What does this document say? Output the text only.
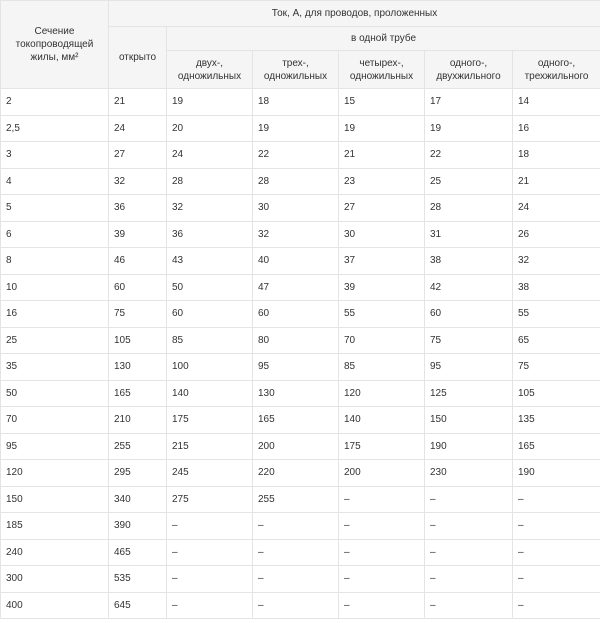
Сечение токопроводящей жилы, мм²	Ток, А, для проводов, проложенных					
	открыто	в одной трубе				
		двух-, одножильных	трех-, одножильных	четырех-, одножильных	одного-, двухжильного	одного-, трехжильного
2	21	19	18	15	17	14
2,5	24	20	19	19	19	16
3	27	24	22	21	22	18
4	32	28	28	23	25	21
5	36	32	30	27	28	24
6	39	36	32	30	31	26
8	46	43	40	37	38	32
10	60	50	47	39	42	38
16	75	60	60	55	60	55
25	105	85	80	70	75	65
35	130	100	95	85	95	75
50	165	140	130	120	125	105
70	210	175	165	140	150	135
95	255	215	200	175	190	165
120	295	245	220	200	230	190
150	340	275	255	–	–	–
185	390	–	–	–	–	–
240	465	–	–	–	–	–
300	535	–	–	–	–	–
400	645	–	–	–	–	–
